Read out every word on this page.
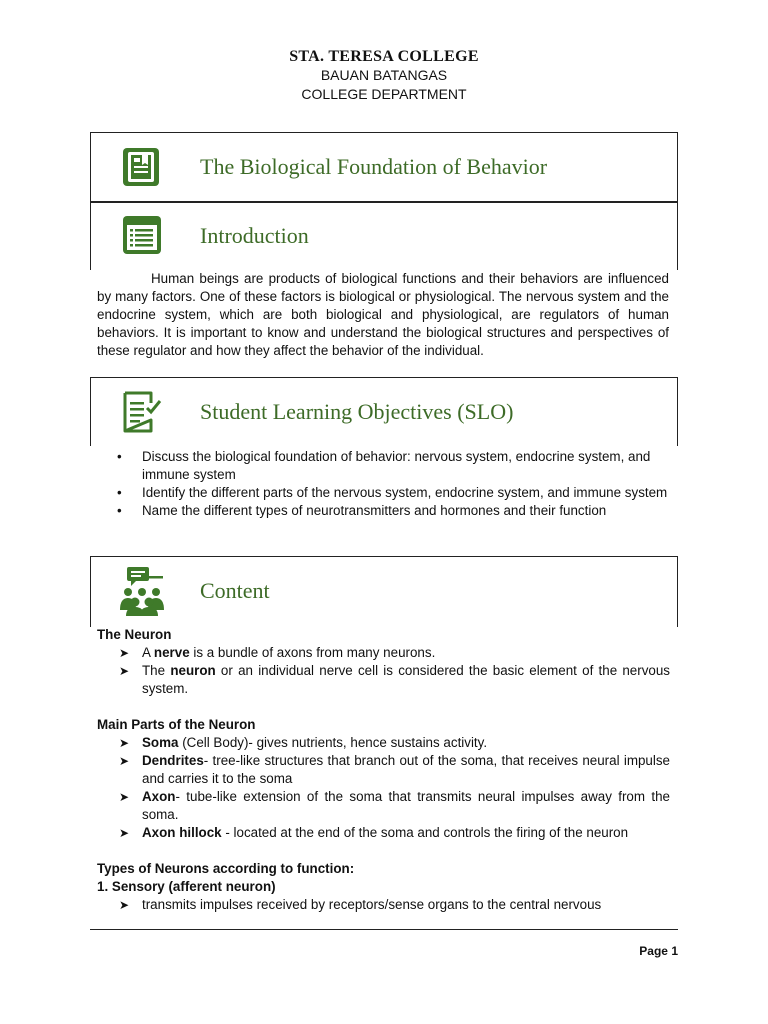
STA. TERESA COLLEGE
BAUAN BATANGAS
COLLEGE DEPARTMENT
The Biological Foundation of Behavior
Introduction
Human beings are products of biological functions and their behaviors are influenced by many factors. One of these factors is biological or physiological. The nervous system and the endocrine system, which are both biological and physiological, are regulators of human behaviors. It is important to know and understand the biological structures and perspectives of these regulator and how they affect the behavior of the individual.
Student Learning Objectives (SLO)
• Discuss the biological foundation of behavior: nervous system, endocrine system, and immune system
• Identify the different parts of the nervous system, endocrine system, and immune system
• Name the different types of neurotransmitters and hormones and their function
Content
The Neuron
➤ A nerve is a bundle of axons from many neurons.
➤ The neuron or an individual nerve cell is considered the basic element of the nervous system.
Main Parts of the Neuron
➤ Soma (Cell Body)- gives nutrients, hence sustains activity.
➤ Dendrites- tree-like structures that branch out of the soma, that receives neural impulse and carries it to the soma
➤ Axon- tube-like extension of the soma that transmits neural impulses away from the soma.
➤ Axon hillock - located at the end of the soma and controls the firing of the neuron
Types of Neurons according to function:
1. Sensory (afferent neuron)
➤ transmits impulses received by receptors/sense organs to the central nervous
Page 1
